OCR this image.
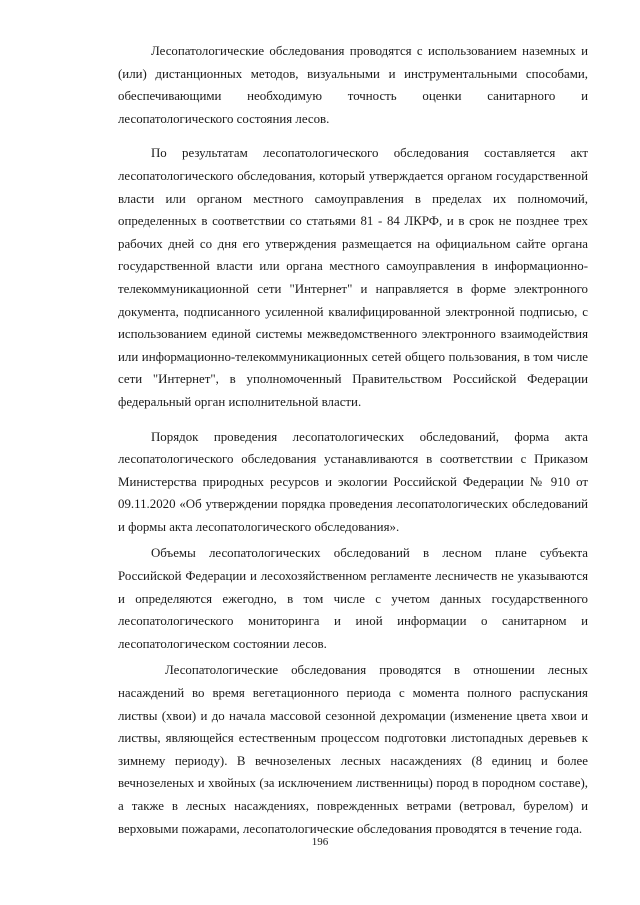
Лесопатологические обследования проводятся с использованием наземных и (или) дистанционных методов, визуальными и инструментальными способами, обеспечивающими необходимую точность оценки санитарного и лесопатологического состояния лесов.

По результатам лесопатологического обследования составляется акт лесопатологического обследования, который утверждается органом государственной власти или органом местного самоуправления в пределах их полномочий, определенных в соответствии со статьями 81 - 84 ЛКРФ, и в срок не позднее трех рабочих дней со дня его утверждения размещается на официальном сайте органа государственной власти или органа местного самоуправления в информационно-телекоммуникационной сети "Интернет" и направляется в форме электронного документа, подписанного усиленной квалифицированной электронной подписью, с использованием единой системы межведомственного электронного взаимодействия или информационно-телекоммуникационных сетей общего пользования, в том числе сети "Интернет", в уполномоченный Правительством Российской Федерации федеральный орган исполнительной власти.

Порядок проведения лесопатологических обследований, форма акта лесопатологического обследования устанавливаются в соответствии с Приказом Министерства природных ресурсов и экологии Российской Федерации № 910 от 09.11.2020 «Об утверждении порядка проведения лесопатологических обследований и формы акта лесопатологического обследования».

Объемы лесопатологических обследований в лесном плане субъекта Российской Федерации и лесохозяйственном регламенте лесничеств не указываются и определяются ежегодно, в том числе с учетом данных государственного лесопатологического мониторинга и иной информации о санитарном и лесопатологическом состоянии лесов.

Лесопатологические обследования проводятся в отношении лесных насаждений во время вегетационного периода с момента полного распускания листвы (хвои) и до начала массовой сезонной дехромации (изменение цвета хвои и листвы, являющейся естественным процессом подготовки листопадных деревьев к зимнему периоду). В вечнозеленых лесных насаждениях (8 единиц и более вечнозеленых и хвойных (за исключением лиственницы) пород в породном составе), а также в лесных насаждениях, поврежденных ветрами (ветровал, бурелом) и верховыми пожарами, лесопатологические обследования проводятся в течение года.

196
